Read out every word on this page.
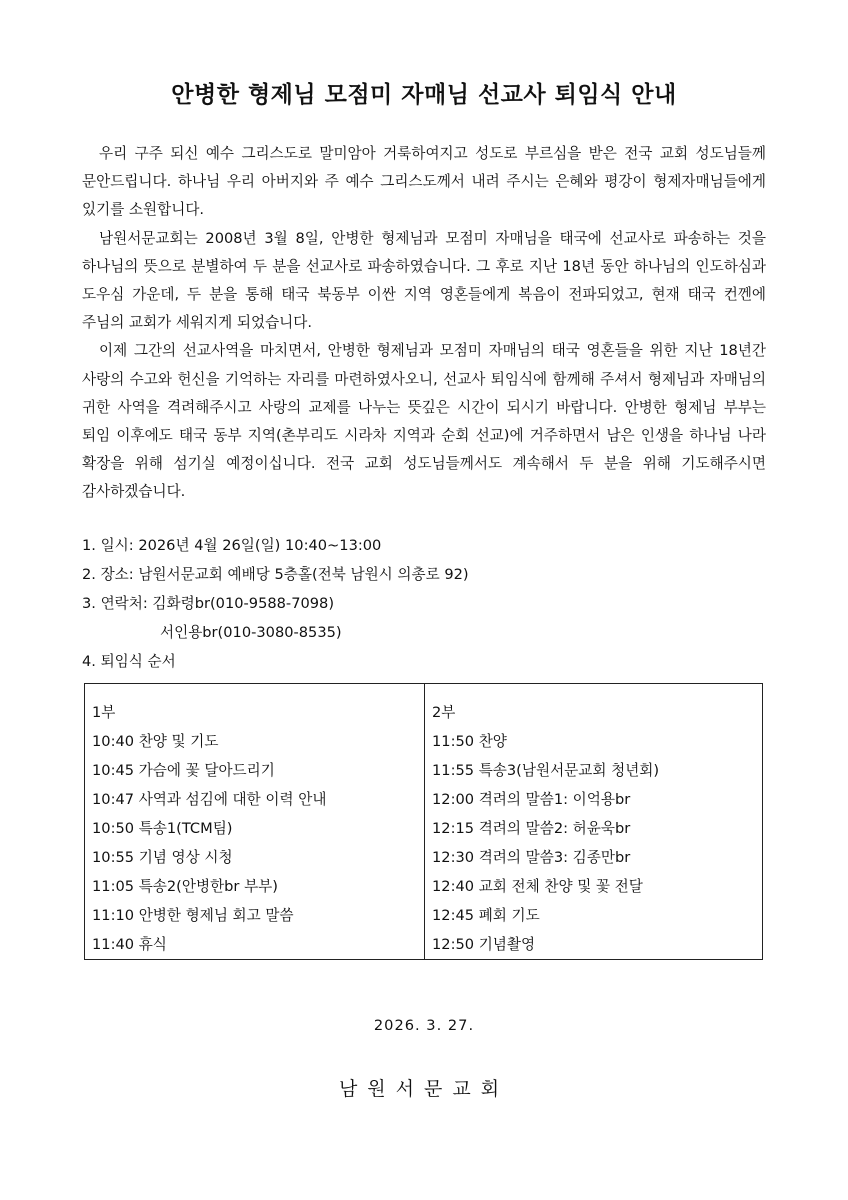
안병한 형제님 모점미 자매님 선교사 퇴임식 안내

우리 구주 되신 예수 그리스도로 말미암아 거룩하여지고 성도로 부르심을 받은 전국 교회 성도님들께 문안드립니다. 하나님 우리 아버지와 주 예수 그리스도께서 내려 주시는 은혜와 평강이 형제자매님들에게 있기를 소원합니다.

남원서문교회는 2008년 3월 8일, 안병한 형제님과 모점미 자매님을 태국에 선교사로 파송하는 것을 하나님의 뜻으로 분별하여 두 분을 선교사로 파송하였습니다. 그 후로 지난 18년 동안 하나님의 인도하심과 도우심 가운데, 두 분을 통해 태국 북동부 이싼 지역 영혼들에게 복음이 전파되었고, 현재 태국 컨껜에 주님의 교회가 세워지게 되었습니다.

이제 그간의 선교사역을 마치면서, 안병한 형제님과 모점미 자매님의 태국 영혼들을 위한 지난 18년간 사랑의 수고와 헌신을 기억하는 자리를 마련하였사오니, 선교사 퇴임식에 함께해 주셔서 형제님과 자매님의 귀한 사역을 격려해주시고 사랑의 교제를 나누는 뜻깊은 시간이 되시기 바랍니다. 안병한 형제님 부부는 퇴임 이후에도 태국 동부 지역(촌부리도 시라차 지역과 순회 선교)에 거주하면서 남은 인생을 하나님 나라 확장을 위해 섬기실 예정이십니다. 전국 교회 성도님들께서도 계속해서 두 분을 위해 기도해주시면 감사하겠습니다.

1. 일시: 2026년 4월 26일(일) 10:40~13:00
2. 장소: 남원서문교회 예배당 5층홀(전북 남원시 의총로 92)
3. 연락처: 김화령br(010-9588-7098)
서인용br(010-3080-8535)
4. 퇴임식 순서
1부
10:40 찬양 및 기도
10:45 가슴에 꽃 달아드리기
10:47 사역과 섬김에 대한 이력 안내
10:50 특송1(TCM팀)
10:55 기념 영상 시청
11:05 특송2(안병한br 부부)
11:10 안병한 형제님 회고 말씀
11:40 휴식
2부
11:50 찬양
11:55 특송3(남원서문교회 청년회)
12:00 격려의 말씀1: 이억용br
12:15 격려의 말씀2: 허윤욱br
12:30 격려의 말씀3: 김종만br
12:40 교회 전체 찬양 및 꽃 전달
12:45 폐회 기도
12:50 기념촬영
2026. 3. 27.
남원서문교회
